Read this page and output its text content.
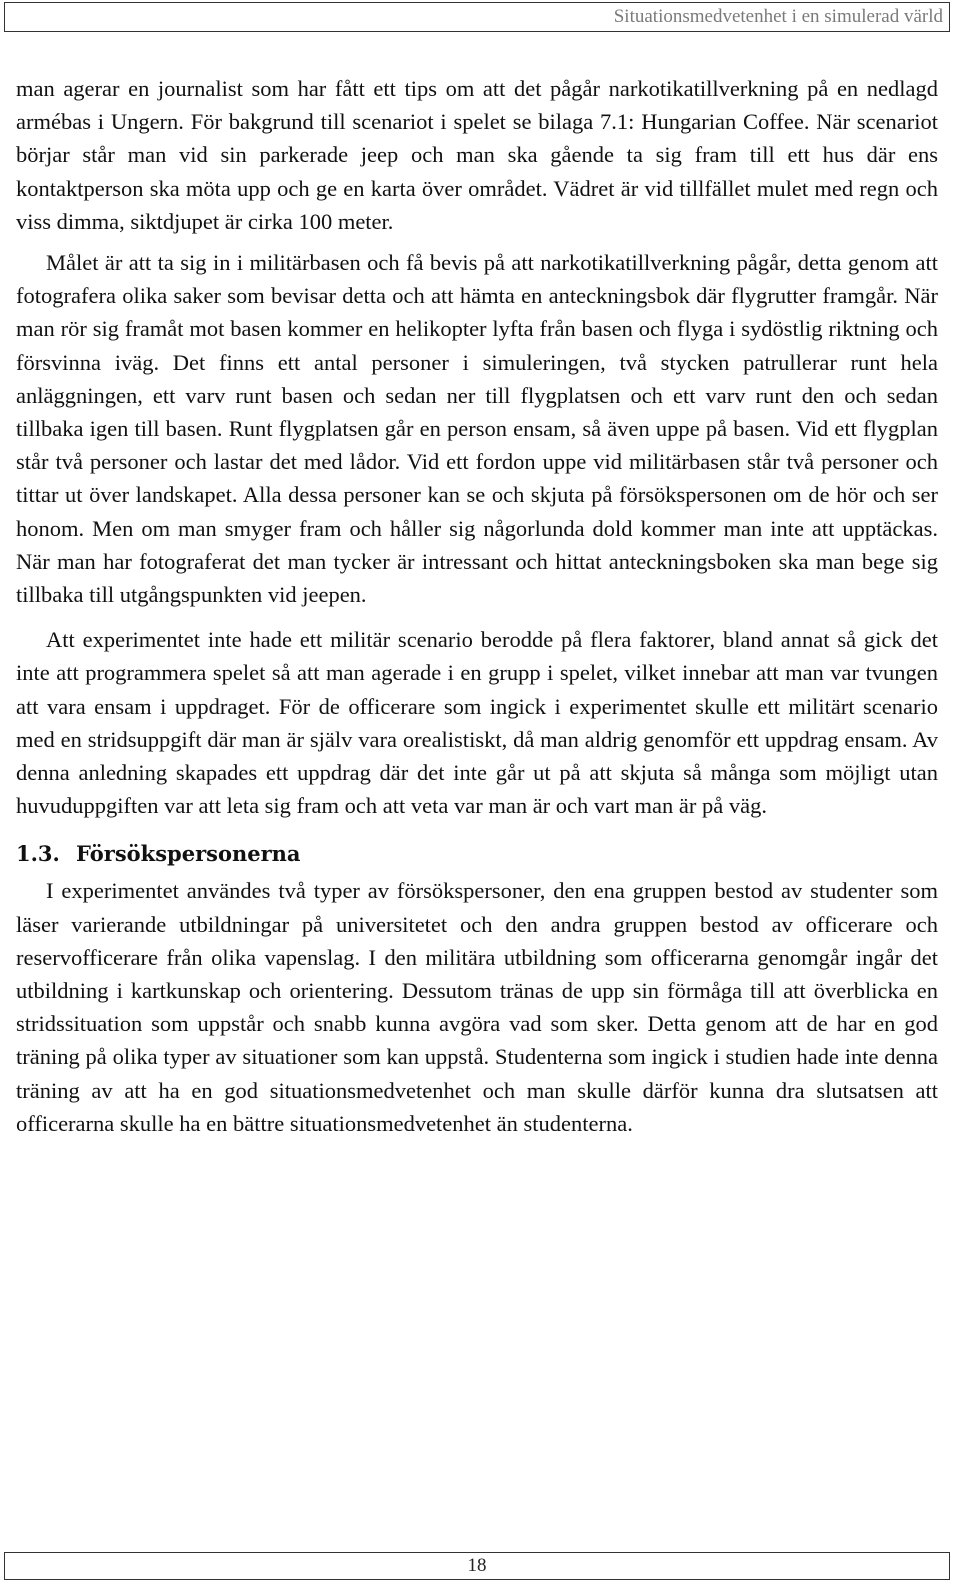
Situationsmedvetenhet i en simulerad värld

man agerar en journalist som har fått ett tips om att det pågår narkotikatillverkning på en nedlagd armébas i Ungern. För bakgrund till scenariot i spelet se bilaga 7.1: Hungarian Coffee. När scenariot börjar står man vid sin parkerade jeep och man ska gående ta sig fram till ett hus där ens kontaktperson ska möta upp och ge en karta över området. Vädret är vid tillfället mulet med regn och viss dimma, siktdjupet är cirka 100 meter.

Målet är att ta sig in i militärbasen och få bevis på att narkotikatillverkning pågår, detta genom att fotografera olika saker som bevisar detta och att hämta en anteckningsbok där flygrutter framgår. När man rör sig framåt mot basen kommer en helikopter lyfta från basen och flyga i sydöstlig riktning och försvinna iväg. Det finns ett antal personer i simuleringen, två stycken patrullerar runt hela anläggningen, ett varv runt basen och sedan ner till flygplatsen och ett varv runt den och sedan tillbaka igen till basen. Runt flygplatsen går en person ensam, så även uppe på basen. Vid ett flygplan står två personer och lastar det med lådor. Vid ett fordon uppe vid militärbasen står två personer och tittar ut över landskapet. Alla dessa personer kan se och skjuta på försökspersonen om de hör och ser honom. Men om man smyger fram och håller sig någorlunda dold kommer man inte att upptäckas. När man har fotograferat det man tycker är intressant och hittat anteckningsboken ska man bege sig tillbaka till utgångspunkten vid jeepen.

Att experimentet inte hade ett militär scenario berodde på flera faktorer, bland annat så gick det inte att programmera spelet så att man agerade i en grupp i spelet, vilket innebar att man var tvungen att vara ensam i uppdraget. För de officerare som ingick i experimentet skulle ett militärt scenario med en stridsuppgift där man är själv vara orealistiskt, då man aldrig genomför ett uppdrag ensam. Av denna anledning skapades ett uppdrag där det inte går ut på att skjuta så många som möjligt utan huvuduppgiften var att leta sig fram och att veta var man är och vart man är på väg.

1.3. Försökspersonerna

I experimentet användes två typer av försökspersoner, den ena gruppen bestod av studenter som läser varierande utbildningar på universitetet och den andra gruppen bestod av officerare och reservofficerare från olika vapenslag. I den militära utbildning som officerarna genomgår ingår det utbildning i kartkunskap och orientering. Dessutom tränas de upp sin förmåga till att överblicka en stridssituation som uppstår och snabb kunna avgöra vad som sker. Detta genom att de har en god träning på olika typer av situationer som kan uppstå. Studenterna som ingick i studien hade inte denna träning av att ha en god situationsmedvetenhet och man skulle därför kunna dra slutsatsen att officerarna skulle ha en bättre situationsmedvetenhet än studenterna.

18
